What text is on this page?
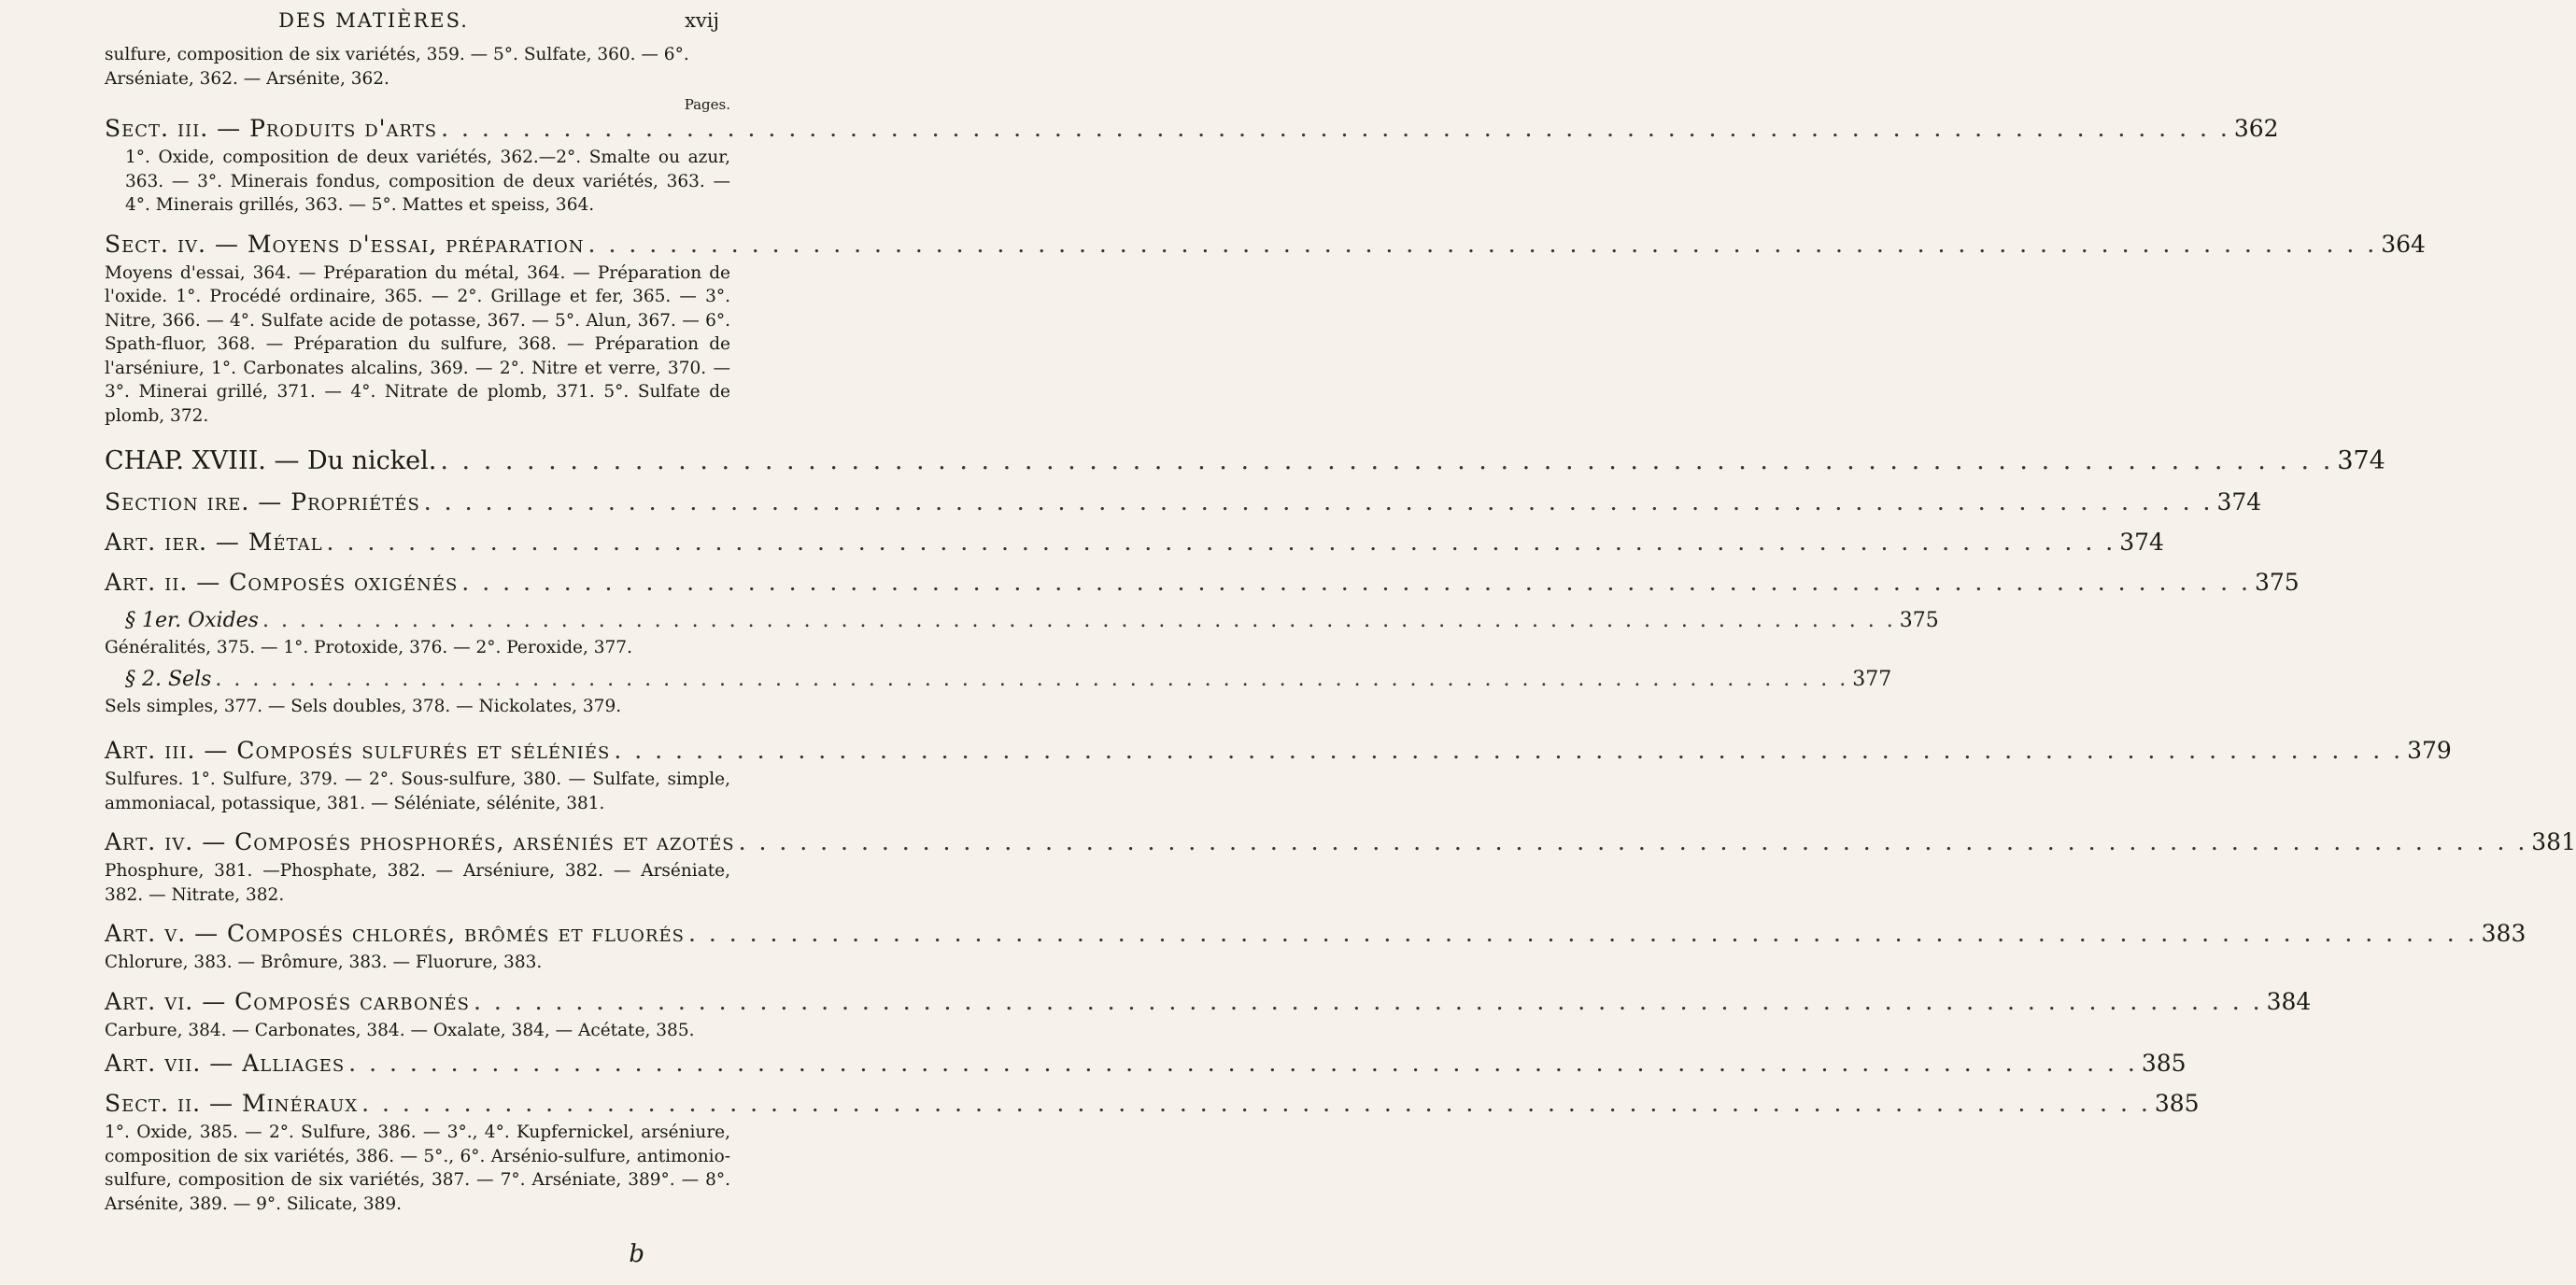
DES MATIÈRES.	xvij

sulfure, composition de six variétés, 359. — 5°. Sulfate, 360. — 6°.

Arséniate, 362. — Arsénite, 362.

Pages.
Sect. iii. — Produits d'arts . . .	362

1°. Oxide, composition de deux variétés, 362.—2°. Smalte ou azur, 363. — 3°. Minerais fondus, composition de deux variétés, 363. — 4°. Minerais grillés, 363. — 5°. Mattes et speiss, 364.

Sect. iv. — Moyens d'essai, préparation . . .	364

Moyens d'essai, 364. — Préparation du métal, 364. — Préparation de l'oxide. 1°. Procédé ordinaire, 365. — 2°. Grillage et fer, 365. — 3°. Nitre, 366. — 4°. Sulfate acide de potasse, 367. — 5°. Alun, 367. — 6°. Spath-fluor, 368. — Préparation du sulfure, 368. — Préparation de l'arséniure, 1°. Carbonates alcalins, 369. — 2°. Nitre et verre, 370. — 3°. Minerai grillé, 371. — 4°. Nitrate de plomb, 371. 5°. Sulfate de plomb, 372.

CHAP. XVIII. — Du nickel. . . .	374
Section ire. — Propriétés . . .	374
Art. ier. — Métal . . .	374
Art. ii. — Composés oxigénés . . .	375
§ 1er. Oxides . . .	375

Généralités, 375. — 1°. Protoxide, 376. — 2°. Peroxide, 377.

§ 2. Sels . . .	377

Sels simples, 377. — Sels doubles, 378. — Nickolates, 379.

Art. iii. — Composés sulfurés et séléniés . . .	379

Sulfures. 1°. Sulfure, 379. — 2°. Sous-sulfure, 380. — Sulfate, simple, ammoniacal, potassique, 381. — Séléniate, sélénite, 381.

Art. iv. — Composés phosphorés, arséniés et azotés . . .	381

Phosphure, 381. —Phosphate, 382. — Arséniure, 382. — Arséniate, 382. — Nitrate, 382.

Art. v. — Composés chlorés, brômés et fluorés . . .	383

Chlorure, 383. — Brômure, 383. — Fluorure, 383.

Art. vi. — Composés carbonés . . .	384

Carbure, 384. — Carbonates, 384. — Oxalate, 384, — Acétate, 385.

Art. vii. — Alliages . . .	385
Sect. ii. — Minéraux . . .	385

1°. Oxide, 385. — 2°. Sulfure, 386. — 3°., 4°. Kupfernickel, arséniure, composition de six variétés, 386. — 5°., 6°. Arsénio-sulfure, antimonio-sulfure, composition de six variétés, 387. — 7°. Arséniate, 389°. — 8°. Arsénite, 389. — 9°. Silicate, 389.

b
